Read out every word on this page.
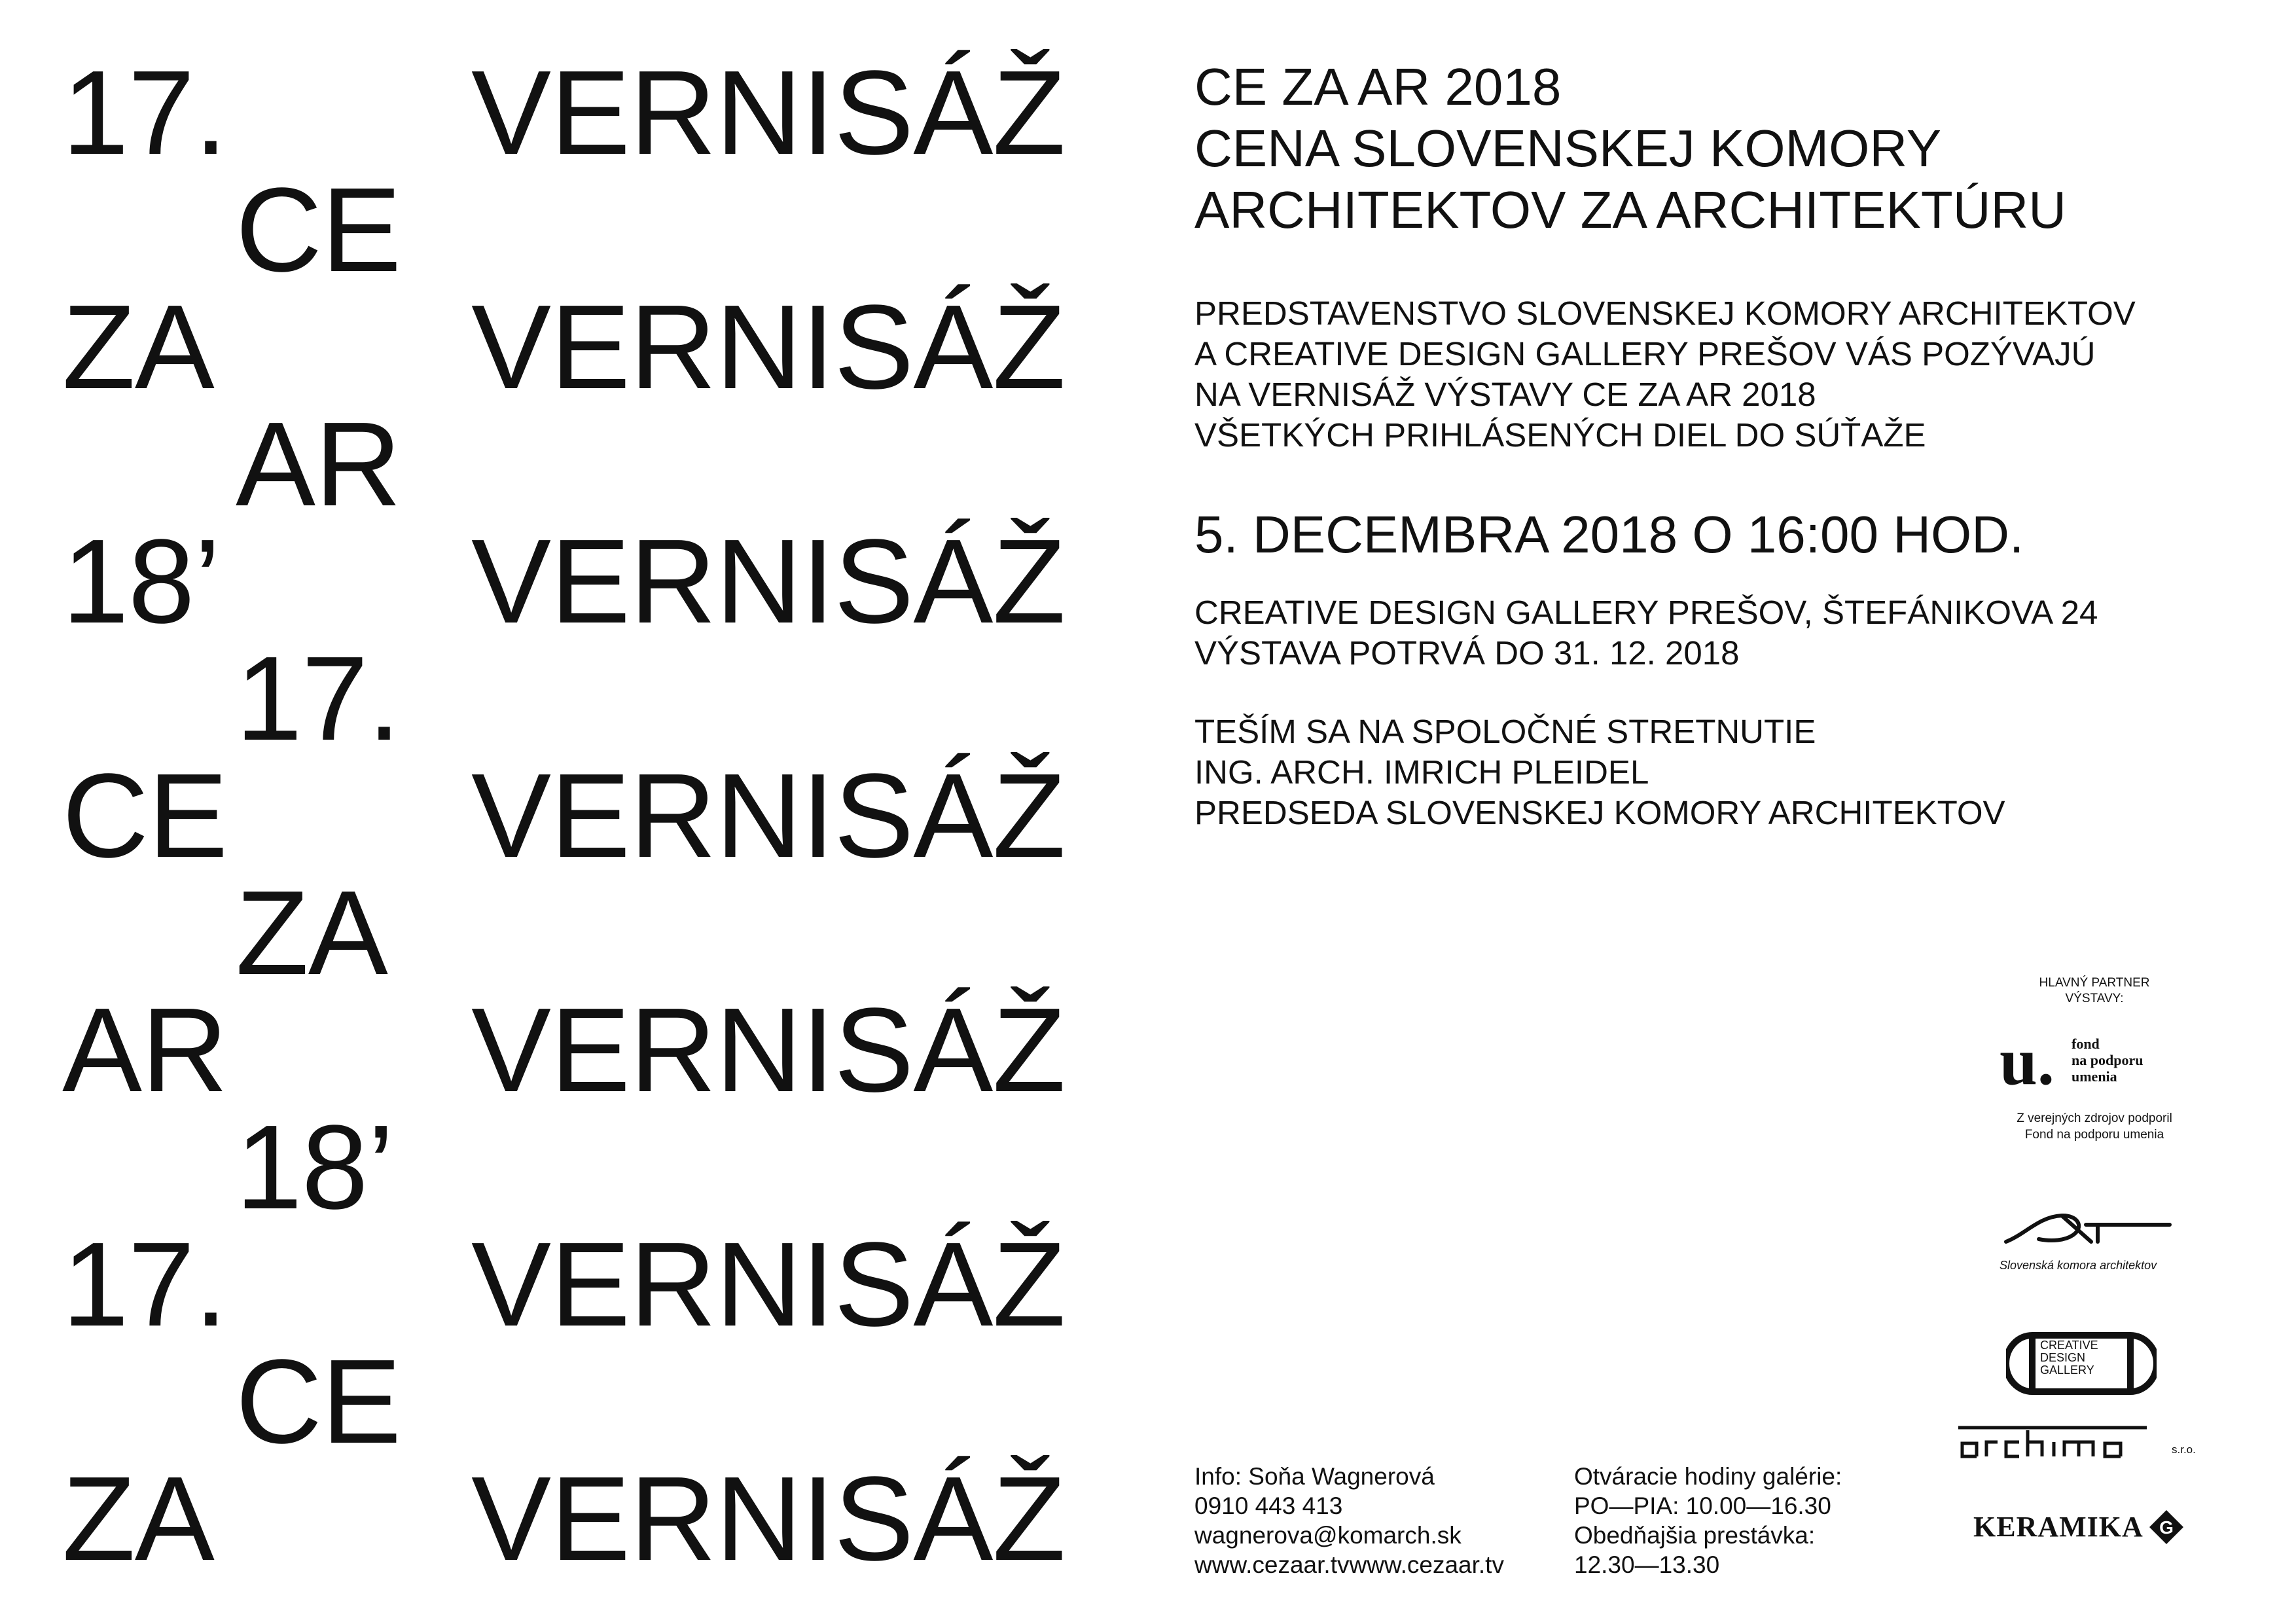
VERNISÁŽ

VERNISÁŽ

VERNISÁŽ

VERNISÁŽ

VERNISÁŽ

VERNISÁŽ

VERNISÁŽ

17.

ZA

18’

CE

AR

17.

ZA

CE

AR

17.

ZA

18’

CE

CE ZA AR 2018
CENA SLOVENSKEJ KOMORY
ARCHITEKTOV ZA ARCHITEKTÚRU
PREDSTAVENSTVO SLOVENSKEJ KOMORY ARCHITEKTOV
A CREATIVE DESIGN GALLERY PREŠOV VÁS POZÝVAJÚ
NA VERNISÁŽ VÝSTAVY CE ZA AR 2018
VŠETKÝCH PRIHLÁSENÝCH DIEL DO SÚŤAŽE
5. DECEMBRA 2018 O 16:00 HOD.
CREATIVE DESIGN GALLERY PREŠOV, ŠTEFÁNIKOVA 24
VÝSTAVA POTRVÁ DO 31. 12. 2018
TEŠÍM SA NA SPOLOČNÉ STRETNUTIE
ING. ARCH. IMRICH PLEIDEL
PREDSEDA SLOVENSKEJ KOMORY ARCHITEKTOV
Info: Soňa Wagnerová
0910 443 413
wagnerova@komarch.sk
www.cezaar.tvwww.cezaar.tv
Otváracie hodiny galérie:
PO—PIA: 10.00—16.30
Obedňajšia prestávka:
12.30—13.30
HLAVNÝ PARTNER
VÝSTAVY:
u. fond
na podporu
umenia
Z verejných zdrojov podporil
Fond na podporu umenia
Slovenská komora architektov
CREATIVE
DESIGN
GALLERY
s.r.o.
KERAMIKA G
